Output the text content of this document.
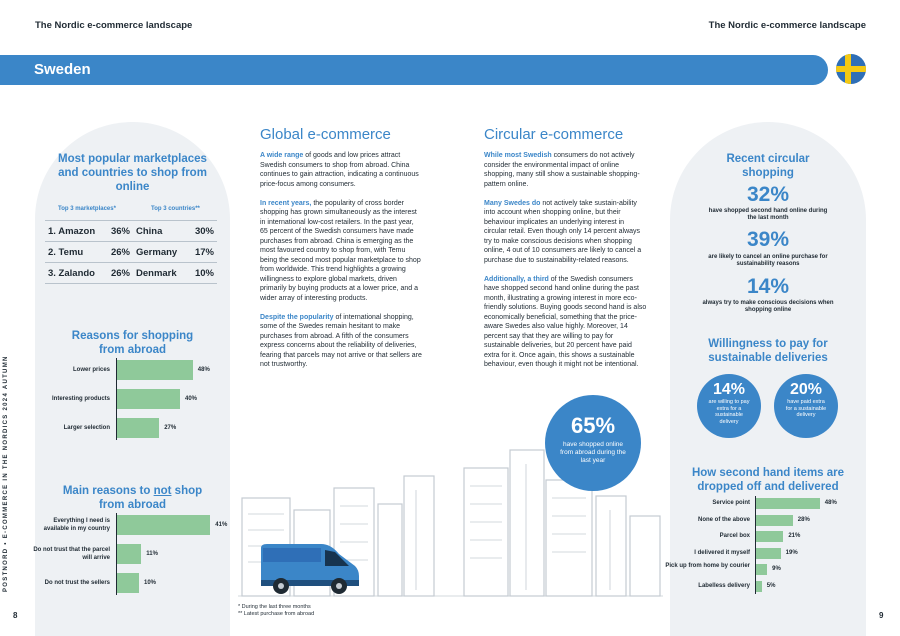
The Nordic e-commerce landscape	The Nordic e-commerce landscape
Sweden
Most popular marketplaces and countries to shop from online
Top 3 marketplaces*	Top 3 countries**
1. Amazon	36%	China	30%
2. Temu	26%	Germany	17%
3. Zalando	26%	Denmark	10%
Reasons for shopping from abroad
Lower prices	48%
Interesting products	40%
Larger selection	27%
Main reasons to not shop from abroad
Everything I need is available in my country
41%
Do not trust that the parcel will arrive
11%
Do not trust the sellers	10%
Global e-commerce

A wide range of goods and low prices attract Swedish consumers to shop from abroad. China continues to gain attraction, indicating a continuous price-focus among consumers.

In recent years, the popularity of cross border shopping has grown simultaneously as the interest in international low-cost retailers. In the past year, 65 percent of the Swedish consumers have made purchases from abroad. China is emerging as the most favoured country to shop from, with Temu being the second most popular marketplace to shop from worldwide. This trend highlights a growing willingness to explore global markets, driven primarily by buying products at a lower price, and a wider array of interesting products.

Despite the popularity of international shopping, some of the Swedes remain hesitant to make purchases from abroad. A fifth of the consumers express concerns about the reliability of deliveries, fearing that parcels may not arrive or that sellers are not trustworthy.

Circular e-commerce

While most Swedish consumers do not actively consider the environmental impact of online shopping, many still show a sustainable shopping-pattern online.

Many Swedes do not actively take sustain-ability into account when shopping online, but their behaviour implicates an underlying interest in circular retail. Even though only 14 percent always try to make conscious decisions when shopping online, 4 out of 10 consumers are likely to cancel a purchase due to sustainability-related reasons.

Additionally, a third of the Swedish consumers have shopped second hand online during the past month, illustrating a growing interest in more eco-friendly solutions. Buying goods second hand is also economically beneficial, something that the price-aware Swedes also value highly. Moreover, 14 percent say that they are willing to pay for sustainable deliveries, but 20 percent have paid extra for it. Once again, this shows a sustainable behaviour, even though it might not be intentional.

65%
have shopped online from abroad during the last year
Recent circular shopping
32%
have shopped second hand online during the last month
39%
are likely to cancel an online purchase for sustainability reasons
14%
always try to make conscious decisions when shopping online
Willingness to pay for sustainable deliveries
14%
are willing to pay extra for a sustainable delivery
20%
have paid extra for a sustainable delivery
How second hand items are dropped off and delivered
Service point	48%
None of the above	28%
Parcel box	21%
I delivered it myself	19%
Pick up from home by courier
9%
Labelless delivery	5%
* During the last three months
** Latest purchase from abroad
POSTNORD • E-COMMERCE IN THE NORDICS 2024 AUTUMN
8	9
